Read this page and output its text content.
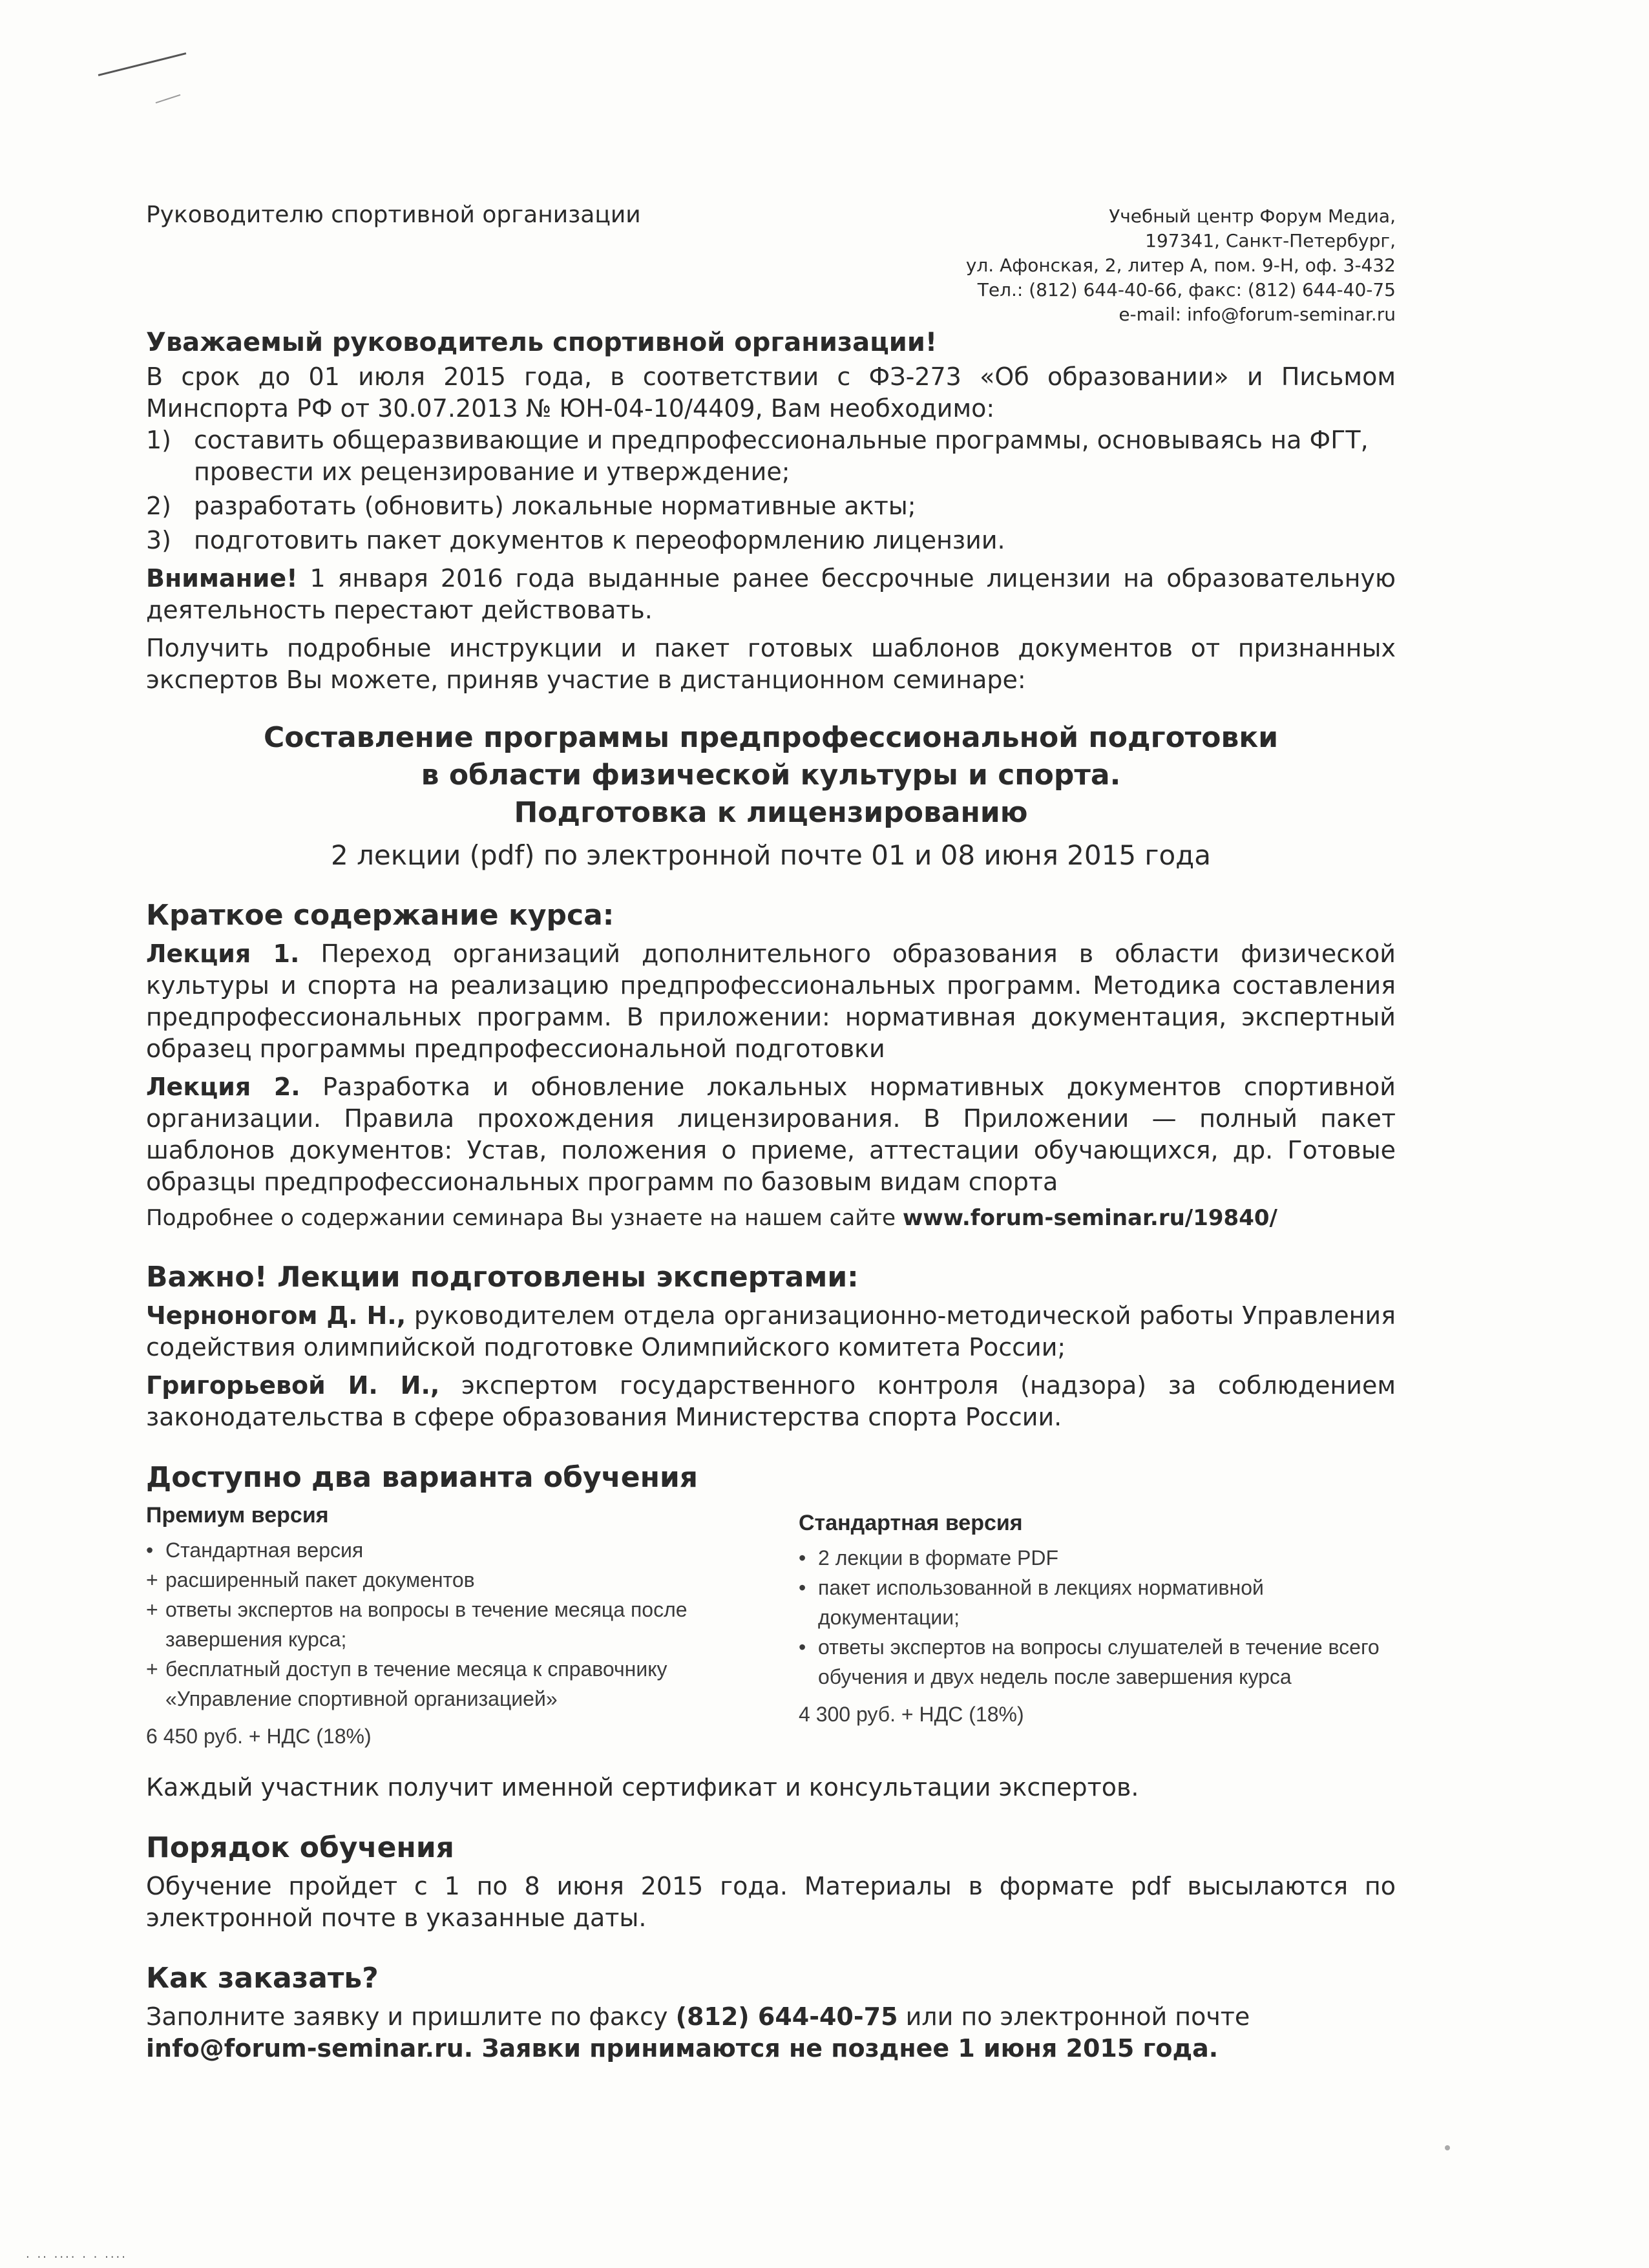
Руководителю спортивной организации	Учебный центр Форум Медиа,
197341, Санкт-Петербург,
ул. Афонская, 2, литер А, пом. 9-Н, оф. 3-432
Тел.: (812) 644-40-66, факс: (812) 644-40-75
e-mail: info@forum-seminar.ru

Уважаемый руководитель спортивной организации!

В срок до 01 июля 2015 года, в соответствии с ФЗ-273 «Об образовании» и Письмом Минспорта РФ от 30.07.2013 № ЮН-04-10/4409, Вам необходимо:

1) составить общеразвивающие и предпрофессиональные программы, основываясь на ФГТ, провести их рецензирование и утверждение;
2) разработать (обновить) локальные нормативные акты;
3) подготовить пакет документов к переоформлению лицензии.

Внимание! 1 января 2016 года выданные ранее бессрочные лицензии на образовательную деятельность перестают действовать.

Получить подробные инструкции и пакет готовых шаблонов документов от признанных экспертов Вы можете, приняв участие в дистанционном семинаре:

Составление программы предпрофессиональной подготовки
в области физической культуры и спорта.
Подготовка к лицензированию

2 лекции (pdf) по электронной почте 01 и 08 июня 2015 года

Краткое содержание курса:

Лекция 1. Переход организаций дополнительного образования в области физической культуры и спорта на реализацию предпрофессиональных программ. Методика составления предпрофессиональных программ. В приложении: нормативная документация, экспертный образец программы предпрофессиональной подготовки

Лекция 2. Разработка и обновление локальных нормативных документов спортивной организации. Правила прохождения лицензирования. В Приложении — полный пакет шаблонов документов: Устав, положения о приеме, аттестации обучающихся, др. Готовые образцы предпрофессиональных программ по базовым видам спорта

Подробнее о содержании семинара Вы узнаете на нашем сайте www.forum-seminar.ru/19840/

Важно! Лекции подготовлены экспертами:

Черноногом Д. Н., руководителем отдела организационно-методической работы Управления содействия олимпийской подготовке Олимпийского комитета России;

Григорьевой И. И., экспертом государственного контроля (надзора) за соблюдением законодательства в сфере образования Министерства спорта России.

Доступно два варианта обучения
Премиум версия
• Стандартная версия
+ расширенный пакет документов
+ ответы экспертов на вопросы в течение месяца после завершения курса;
+ бесплатный доступ в течение месяца к справочнику «Управление спортивной организацией»
6 450 руб. + НДС (18%)
Стандартная версия
• 2 лекции в формате PDF
• пакет использованной в лекциях нормативной документации;
• ответы экспертов на вопросы слушателей в течение всего обучения и двух недель после завершения курса
4 300 руб. + НДС (18%)

Каждый участник получит именной сертификат и консультации экспертов.

Порядок обучения

Обучение пройдет с 1 по 8 июня 2015 года. Материалы в формате pdf высылаются по электронной почте в указанные даты.

Как заказать?

Заполните заявку и пришлите по факсу (812) 644-40-75 или по электронной почте info@forum-seminar.ru. Заявки принимаются не позднее 1 июня 2015 года.

. .. .... . . ....
